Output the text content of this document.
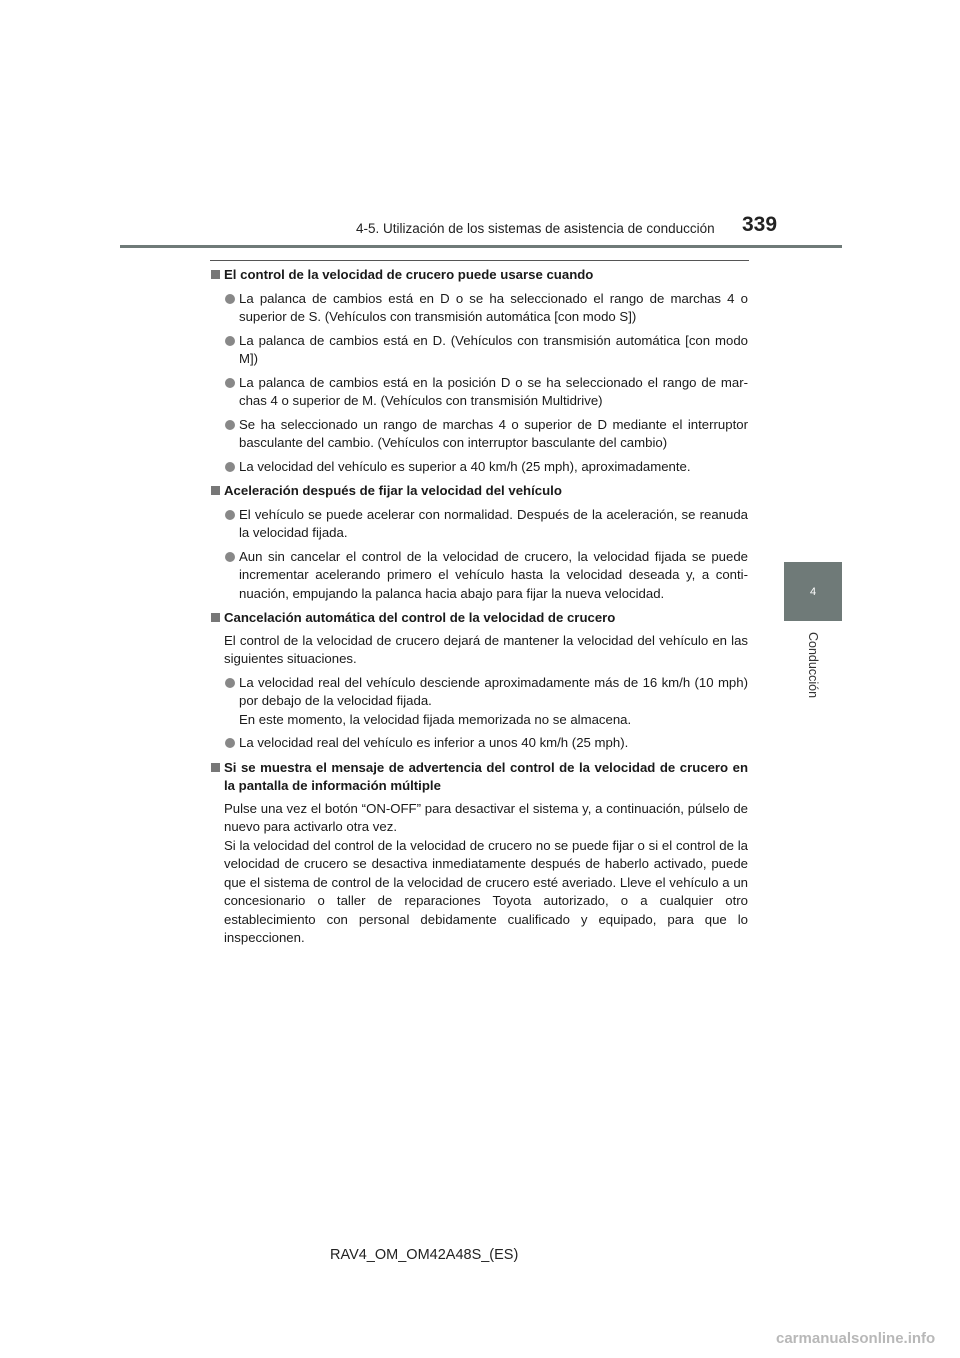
4-5. Utilización de los sistemas de asistencia de conducción 339
4
Conducción
El control de la velocidad de crucero puede usarse cuando
La palanca de cambios está en D o se ha seleccionado el rango de marchas 4 o superior de S. (Vehículos con transmisión automática [con modo S])
La palanca de cambios está en D. (Vehículos con transmisión automática [con modo M])
La palanca de cambios está en la posición D o se ha seleccionado el rango de mar-chas 4 o superior de M. (Vehículos con transmisión Multidrive)
Se ha seleccionado un rango de marchas 4 o superior de D mediante el interruptor basculante del cambio. (Vehículos con interruptor basculante del cambio)
La velocidad del vehículo es superior a 40 km/h (25 mph), aproximadamente.
Aceleración después de fijar la velocidad del vehículo
El vehículo se puede acelerar con normalidad. Después de la aceleración, se reanuda la velocidad fijada.
Aun sin cancelar el control de la velocidad de crucero, la velocidad fijada se puede incrementar acelerando primero el vehículo hasta la velocidad deseada y, a conti-nuación, empujando la palanca hacia abajo para fijar la nueva velocidad.
Cancelación automática del control de la velocidad de crucero
El control de la velocidad de crucero dejará de mantener la velocidad del vehículo en las siguientes situaciones.
La velocidad real del vehículo desciende aproximadamente más de 16 km/h (10 mph) por debajo de la velocidad fijada.
En este momento, la velocidad fijada memorizada no se almacena.
La velocidad real del vehículo es inferior a unos 40 km/h (25 mph).
Si se muestra el mensaje de advertencia del control de la velocidad de crucero en la pantalla de información múltiple
Pulse una vez el botón “ON-OFF” para desactivar el sistema y, a continuación, púlselo de nuevo para activarlo otra vez.
Si la velocidad del control de la velocidad de crucero no se puede fijar o si el control de la velocidad de crucero se desactiva inmediatamente después de haberlo activado, puede que el sistema de control de la velocidad de crucero esté averiado. Lleve el vehículo a un concesionario o taller de reparaciones Toyota autorizado, o a cualquier otro establecimiento con personal debidamente cualificado y equipado, para que lo inspeccionen.
RAV4_OM_OM42A48S_(ES)
carmanualsonline.info
